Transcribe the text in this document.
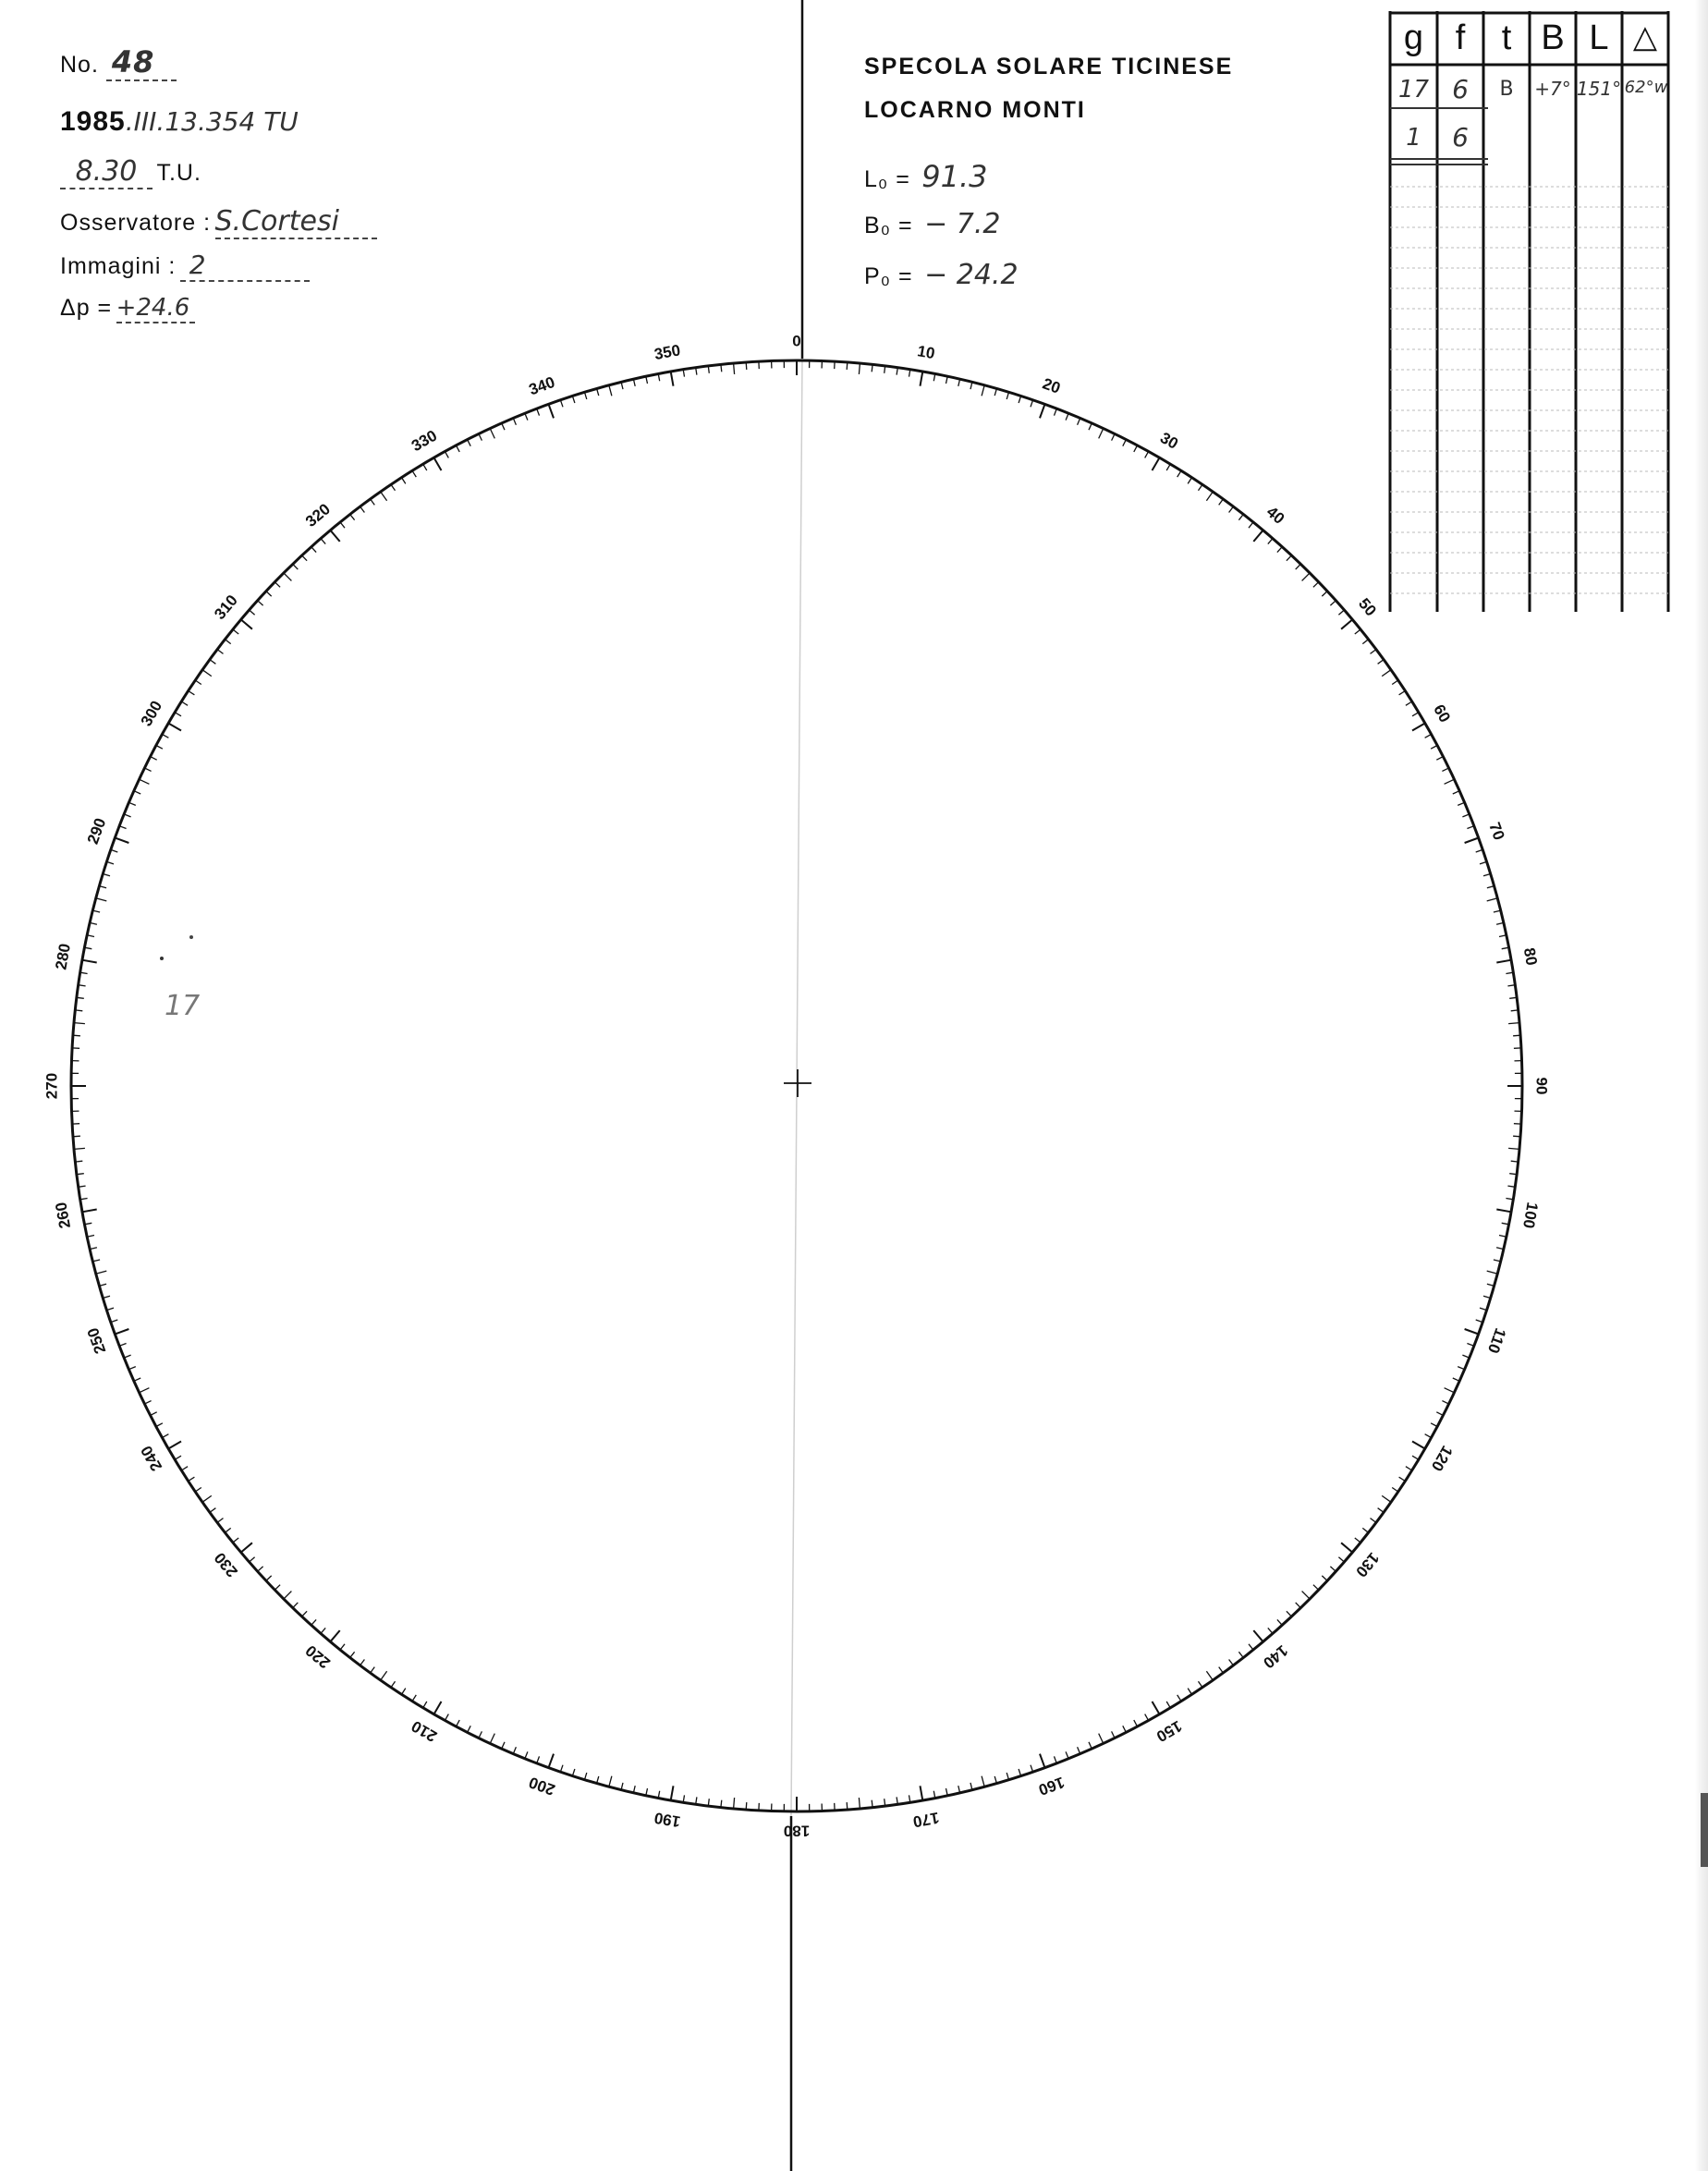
No. 48
1985.III.13.354 TU
8.30 T.U.
Osservatore : S.Cortesi
Immagini : 2
Δp = +24.6
SPECOLA SOLARE TICINESE
LOCARNO MONTI
L₀ = 91.3
B₀ = − 7.2
P₀ = − 24.2
g f	t B L △
17 6	B	+7° 151° 62°w
1	6
0
10
20
30
40
50
60
70
80
90
100
110
120
130
140
150
160
170
180
190
200
210
220
230
240
250
260
270
280
290
300
310
320
330
340
350
17
